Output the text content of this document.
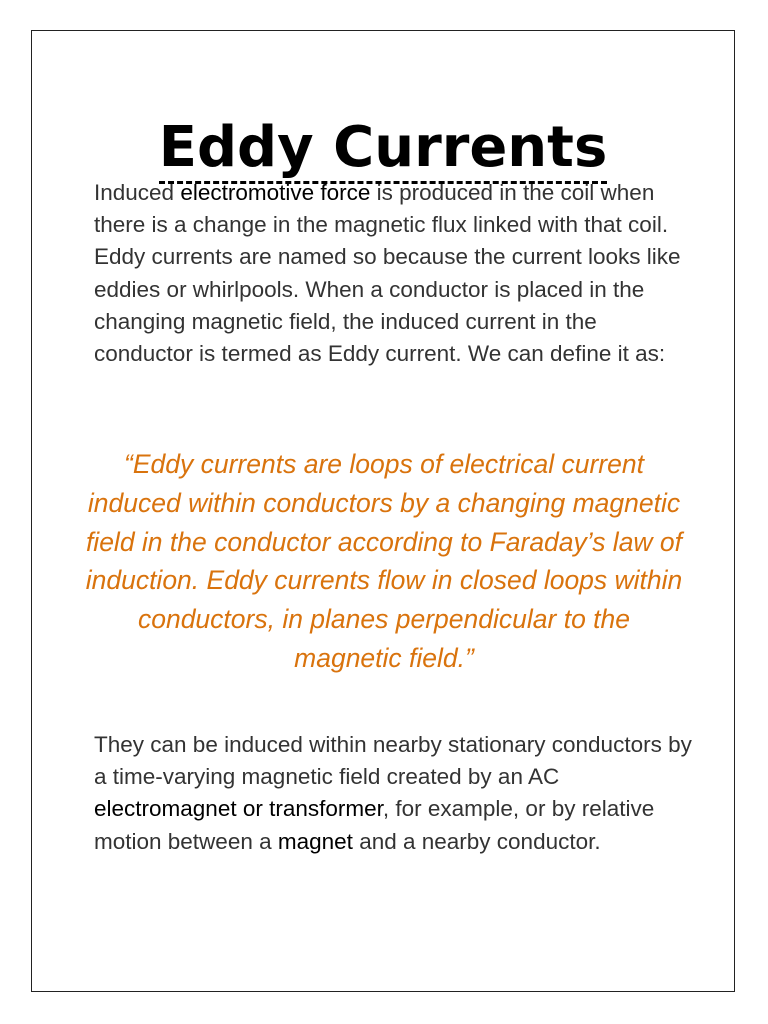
Eddy Currents

Induced electromotive force is produced in the coil when there is a change in the magnetic flux linked with that coil. Eddy currents are named so because the current looks like eddies or whirlpools. When a conductor is placed in the changing magnetic field, the induced current in the conductor is termed as Eddy current. We can define it as:

“Eddy currents are loops of electrical current induced within conductors by a changing magnetic field in the conductor according to Faraday’s law of induction. Eddy currents flow in closed loops within conductors, in planes perpendicular to the magnetic field.”

They can be induced within nearby stationary conductors by a time-varying magnetic field created by an AC electromagnet or transformer, for example, or by relative motion between a magnet and a nearby conductor.
